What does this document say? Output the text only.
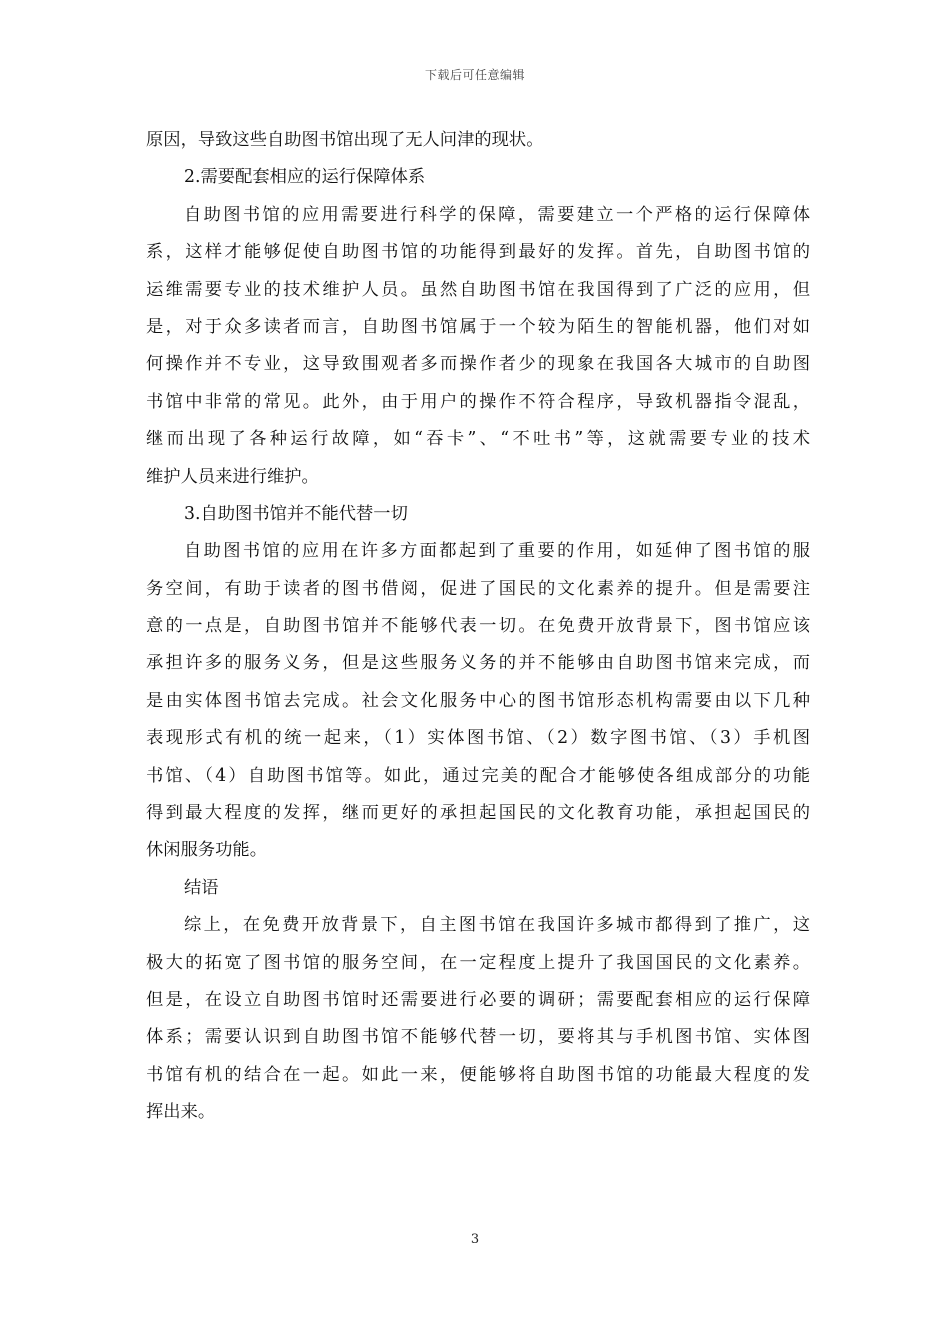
下载后可任意编辑
原因，导致这些自助图书馆出现了无人问津的现状。
2.需要配套相应的运行保障体系
自助图书馆的应用需要进行科学的保障，需要建立一个严格的运行保障体
系，这样才能够促使自助图书馆的功能得到最好的发挥。首先，自助图书馆的
运维需要专业的技术维护人员。虽然自助图书馆在我国得到了广泛的应用，但
是，对于众多读者而言，自助图书馆属于一个较为陌生的智能机器，他们对如
何操作并不专业，这导致围观者多而操作者少的现象在我国各大城市的自助图
书馆中非常的常见。此外，由于用户的操作不符合程序，导致机器指令混乱，
继而出现了各种运行故障，如“吞卡”、“不吐书”等，这就需要专业的技术
维护人员来进行维护。
3.自助图书馆并不能代替一切
自助图书馆的应用在许多方面都起到了重要的作用，如延伸了图书馆的服
务空间，有助于读者的图书借阅，促进了国民的文化素养的提升。但是需要注
意的一点是，自助图书馆并不能够代表一切。在免费开放背景下，图书馆应该
承担许多的服务义务，但是这些服务义务的并不能够由自助图书馆来完成，而
是由实体图书馆去完成。社会文化服务中心的图书馆形态机构需要由以下几种
表现形式有机的统一起来，（1）实体图书馆、（2）数字图书馆、（3）手机图
书馆、（4）自助图书馆等。如此，通过完美的配合才能够使各组成部分的功能
得到最大程度的发挥，继而更好的承担起国民的文化教育功能，承担起国民的
休闲服务功能。
结语
综上，在免费开放背景下，自主图书馆在我国许多城市都得到了推广，这
极大的拓宽了图书馆的服务空间，在一定程度上提升了我国国民的文化素养。
但是，在设立自助图书馆时还需要进行必要的调研；需要配套相应的运行保障
体系；需要认识到自助图书馆不能够代替一切，要将其与手机图书馆、实体图
书馆有机的结合在一起。如此一来，便能够将自助图书馆的功能最大程度的发
挥出来。
3
